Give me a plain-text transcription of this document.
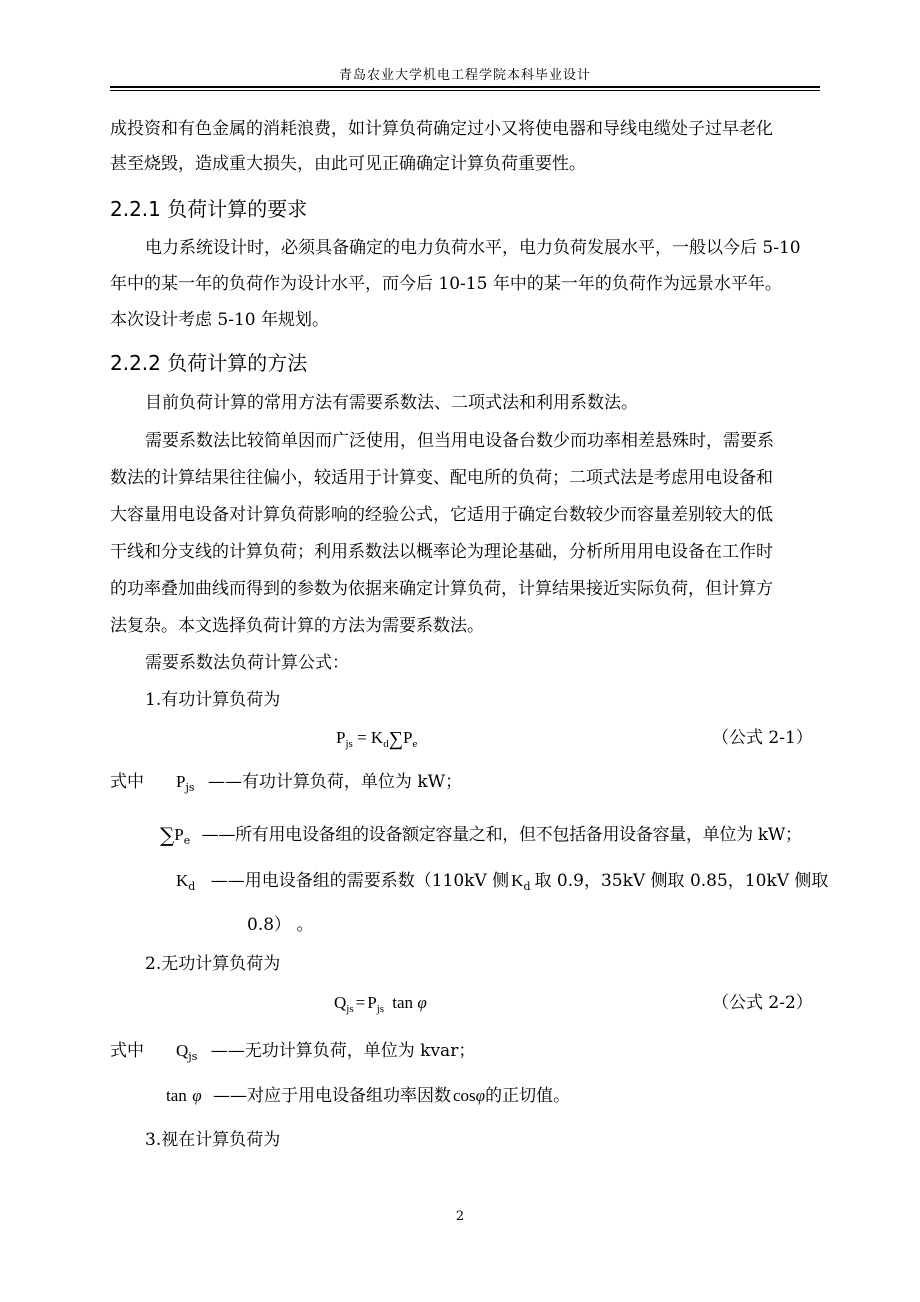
青岛农业大学机电工程学院本科毕业设计
成投资和有色金属的消耗浪费，如计算负荷确定过小又将使电器和导线电缆处子过早老化
甚至烧毁，造成重大损失，由此可见正确确定计算负荷重要性。
2.2.1 负荷计算的要求
电力系统设计时，必须具备确定的电力负荷水平，电力负荷发展水平，一般以今后 5-10
年中的某一年的负荷作为设计水平，而今后 10-15 年中的某一年的负荷作为远景水平年。
本次设计考虑 5-10 年规划。
2.2.2 负荷计算的方法
目前负荷计算的常用方法有需要系数法、二项式法和利用系数法。
需要系数法比较简单因而广泛使用，但当用电设备台数少而功率相差悬殊时，需要系
数法的计算结果往往偏小，较适用于计算变、配电所的负荷；二项式法是考虑用电设备和
大容量用电设备对计算负荷影响的经验公式，它适用于确定台数较少而容量差别较大的低
干线和分支线的计算负荷；利用系数法以概率论为理论基础，分析所用用电设备在工作时
的功率叠加曲线而得到的参数为依据来确定计算负荷，计算结果接近实际负荷，但计算方
法复杂。本文选择负荷计算的方法为需要系数法。
需要系数法负荷计算公式：
1.有功计算负荷为
$P_{js} = K_d\sum P_e$	（公式 2-1）
式中 $P_{js}$ ——有功计算负荷，单位为 kW；
$\sum P_e$ ——所有用电设备组的设备额定容量之和，但不包括备用设备容量，单位为 kW；
$K_d$ ——用电设备组的需要系数（110kV 侧 $K_d$ 取 0.9，35kV 侧取 0.85，10kV 侧取
0.8） 。
2.无功计算负荷为
$Q_{js} = P_{js}$ tan φ	（公式 2-2）
式中 $Q_{js}$ ——无功计算负荷，单位为 kvar；
tan φ ——对应于用电设备组功率因数 cosφ的正切值。
3.视在计算负荷为
2
